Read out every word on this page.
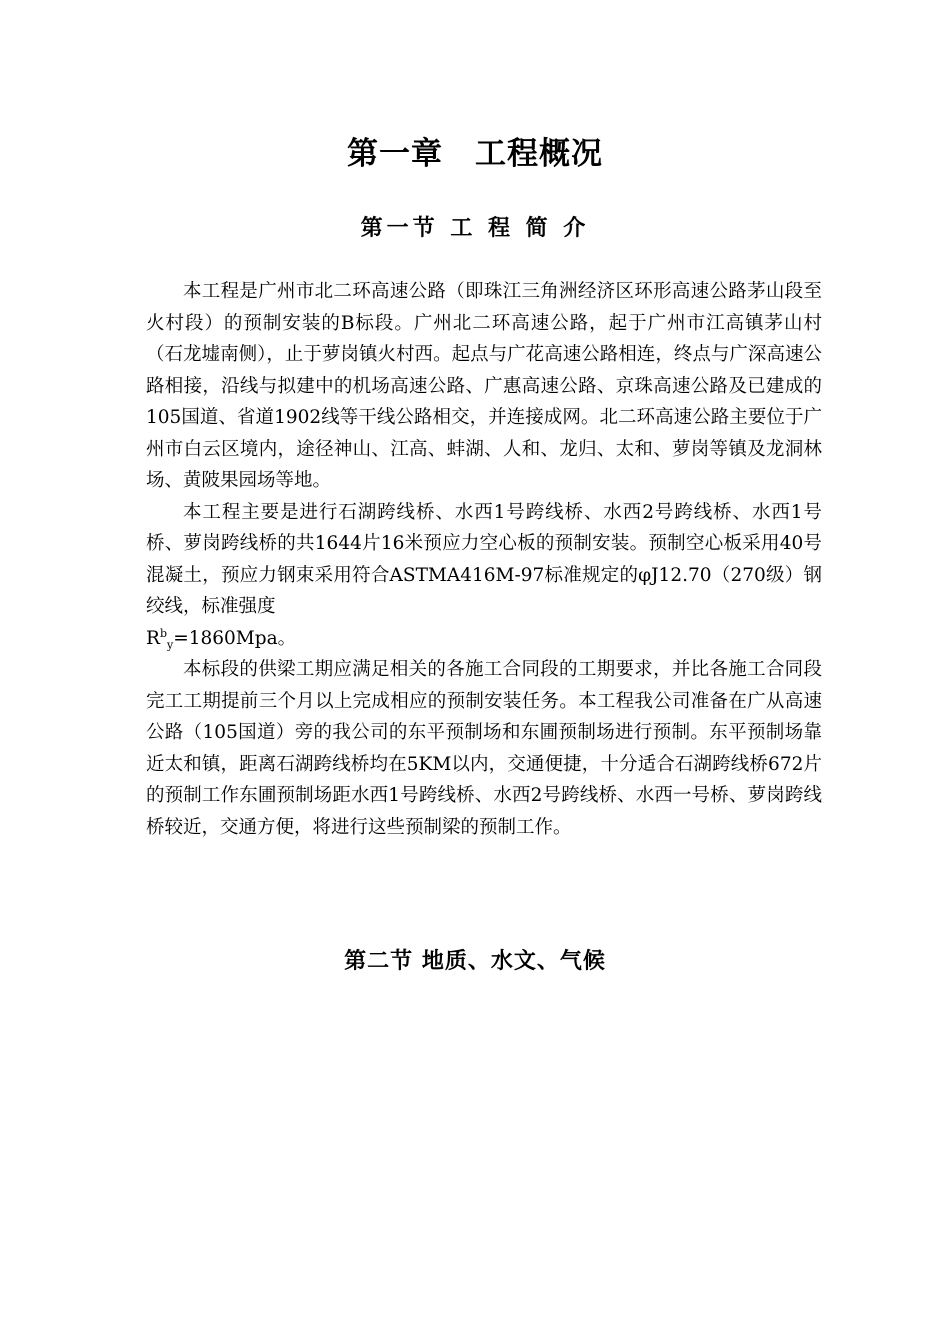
第一章　工程概况
第一节 工 程 简 介

本工程是广州市北二环高速公路（即珠江三角洲经济区环形高速公路茅山段至火村段）的预制安装的B标段。广州北二环高速公路，起于广州市江高镇茅山村（石龙墟南侧），止于萝岗镇火村西。起点与广花高速公路相连，终点与广深高速公路相接，沿线与拟建中的机场高速公路、广惠高速公路、京珠高速公路及已建成的105国道、省道1902线等干线公路相交，并连接成网。北二环高速公路主要位于广州市白云区境内，途径神山、江高、蚌湖、人和、龙归、太和、萝岗等镇及龙洞林场、黄陂果园场等地。

本工程主要是进行石湖跨线桥、水西1号跨线桥、水西2号跨线桥、水西1号桥、萝岗跨线桥的共1644片16米预应力空心板的预制安装。预制空心板采用40号混凝土，预应力钢束采用符合ASTMA416M-97标准规定的φJ12.70（270级）钢绞线，标准强度
$R^b_y=1860Mpa$。

本标段的供梁工期应满足相关的各施工合同段的工期要求，并比各施工合同段完工工期提前三个月以上完成相应的预制安装任务。本工程我公司准备在广从高速公路（105国道）旁的我公司的东平预制场和东圃预制场进行预制。东平预制场靠近太和镇，距离石湖跨线桥均在5KM以内，交通便捷，十分适合石湖跨线桥672片的预制工作东圃预制场距水西1号跨线桥、水西2号跨线桥、水西一号桥、萝岗跨线桥较近，交通方便，将进行这些预制梁的预制工作。

第二节 地质、水文、气候
